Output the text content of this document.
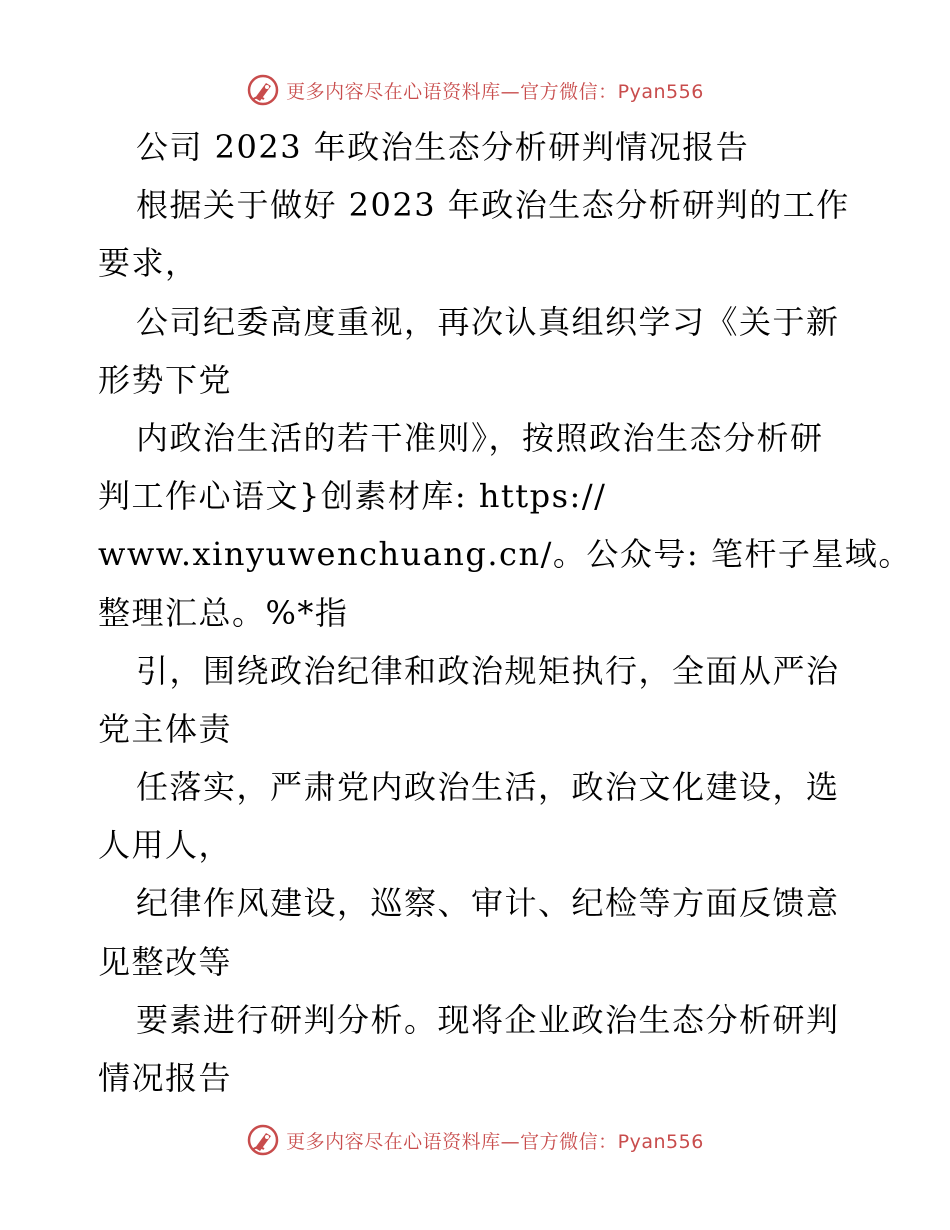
更多内容尽在心语资料库—官方微信：Pyan556
公司 2023 年政治生态分析研判情况报告
根据关于做好 2023 年政治生态分析研判的工作
要求，
公司纪委高度重视，再次认真组织学习《关于新
形势下党
内政治生活的若干准则》，按照政治生态分析研
判工作心语文}创素材库: https://
www.xinyuwenchuang.cn/。公众号: 笔杆子星域。
整理汇总。%*指
引，围绕政治纪律和政治规矩执行，全面从严治
党主体责
任落实，严肃党内政治生活，政治文化建设，选
人用人，
纪律作风建设，巡察、审计、纪检等方面反馈意
见整改等
要素进行研判分析。现将企业政治生态分析研判
情况报告
更多内容尽在心语资料库—官方微信：Pyan556
